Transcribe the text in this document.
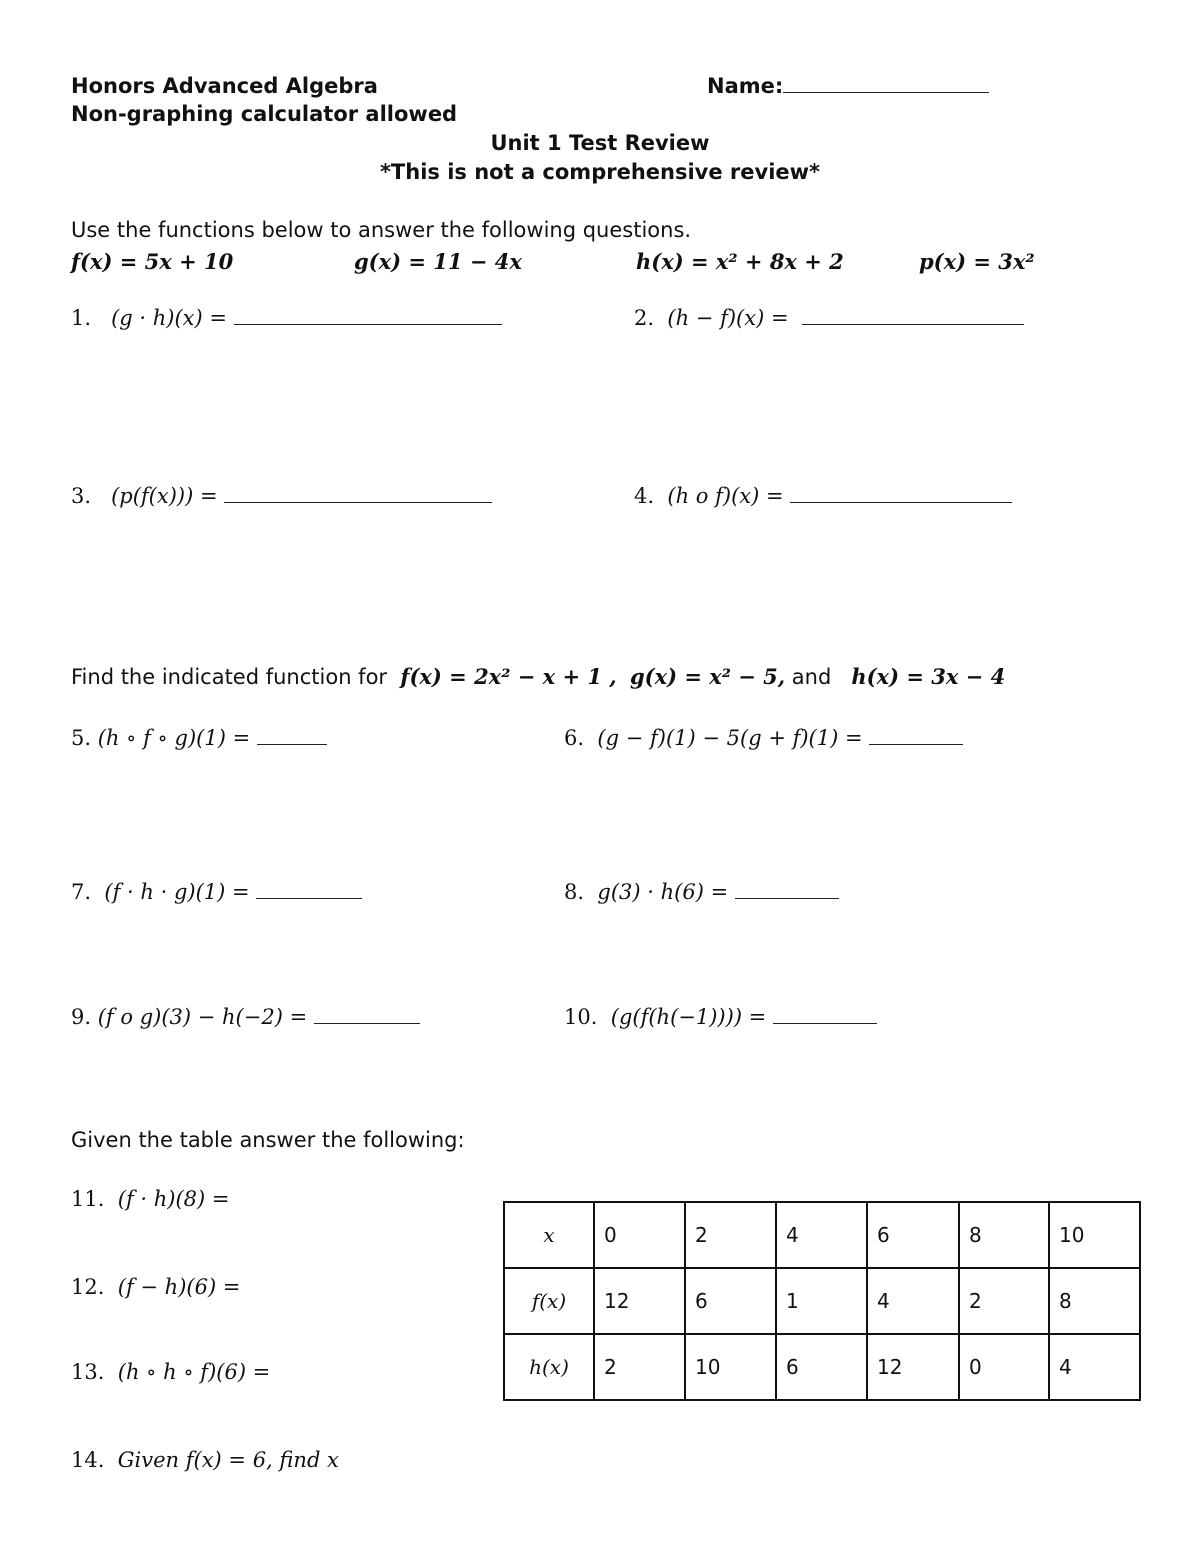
Honors Advanced Algebra
Non-graphing calculator allowed
Name:
Unit 1 Test Review
*This is not a comprehensive review*
Use the functions below to answer the following questions.
f(x) = 5x + 10	g(x) = 11 − 4x	h(x) = x² + 8x + 2	p(x) = 3x²
1. (g · h)(x) =	2. (h − f)(x) =
3. (p(f(x))) =	4. (h o f)(x) =
Find the indicated function for f(x) = 2x² − x + 1 , g(x) = x² − 5, and h(x) = 3x − 4
5. (h ∘ f ∘ g)(1) =	6. (g − f)(1) − 5(g + f)(1) =
7. (f · h · g)(1) =	8. g(3) · h(6) =
9. (f o g)(3) − h(−2) =	10. (g(f(h(−1)))) =
Given the table answer the following:
11. (f · h)(8) =
12. (f − h)(6) =
13. (h ∘ h ∘ f)(6) =
14. Given f(x) = 6, find x
x	0	2	4	6	8	10
f(x)	12	6	1	4	2	8
h(x)	2	10	6	12	0	4
